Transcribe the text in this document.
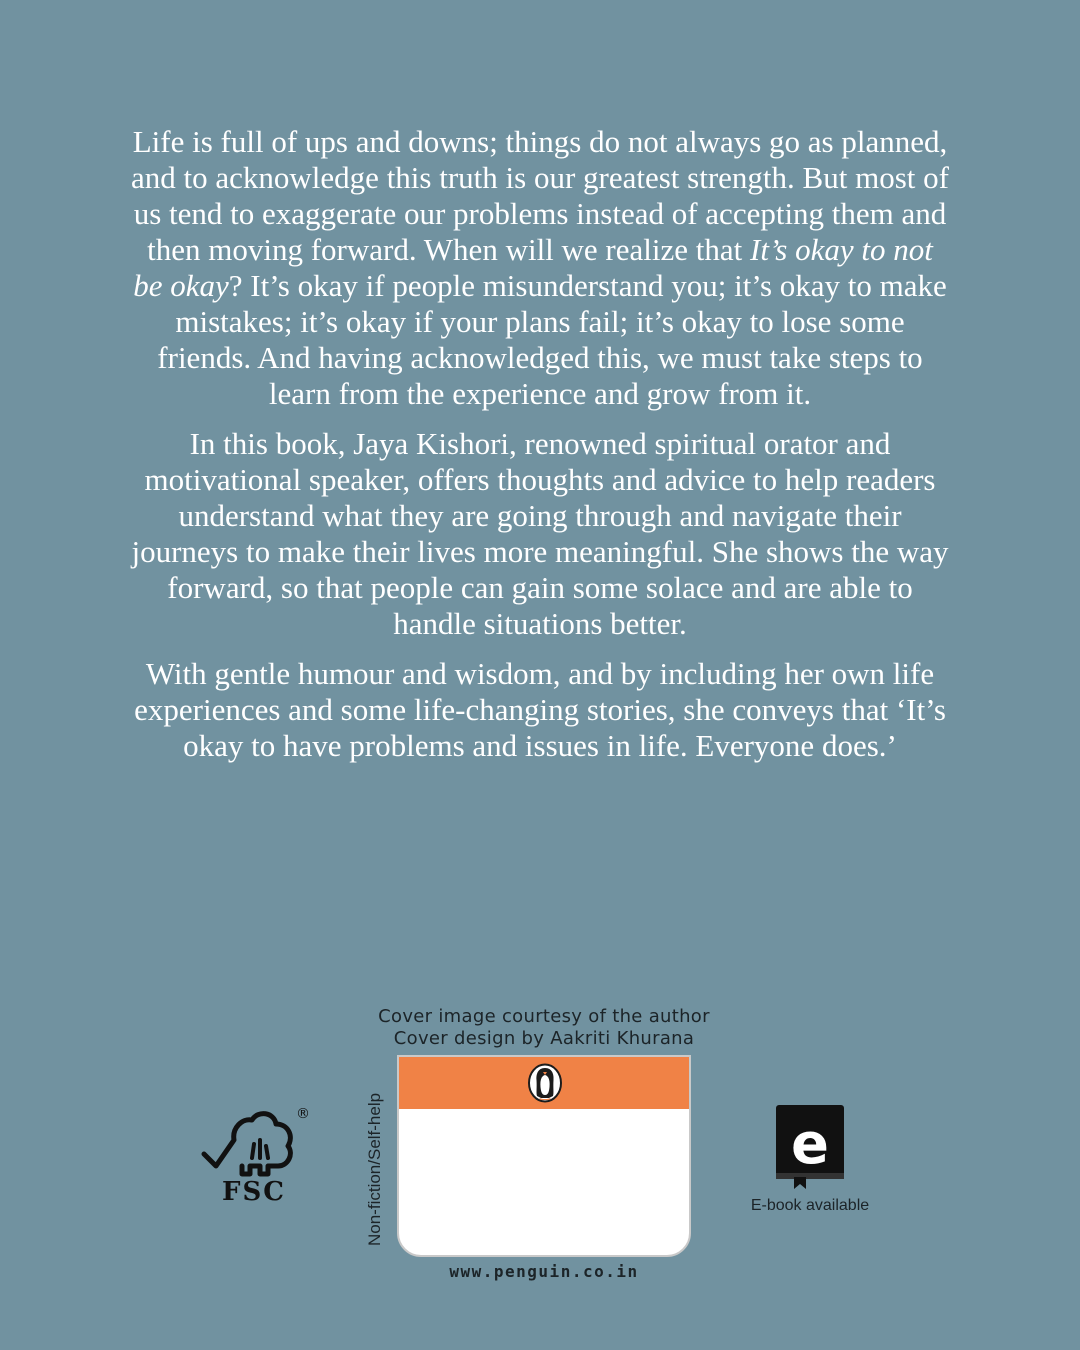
Life is full of ups and downs; things do not always go as planned, and to acknowledge this truth is our greatest strength. But most of us tend to exaggerate our problems instead of accepting them and then moving forward. When will we realize that It’s okay to not be okay? It’s okay if people misunderstand you; it’s okay to make mistakes; it’s okay if your plans fail; it’s okay to lose some friends. And having acknowledged this, we must take steps to learn from the experience and grow from it.

In this book, Jaya Kishori, renowned spiritual orator and motivational speaker, offers thoughts and advice to help readers understand what they are going through and navigate their journeys to make their lives more meaningful. She shows the way forward, so that people can gain some solace and are able to handle situations better.

With gentle humour and wisdom, and by including her own life experiences and some life-changing stories, she conveys that ‘It’s okay to have problems and issues in life. Everyone does.’

Cover image courtesy of the author
Cover design by Aakriti Khurana
Non-fiction/Self-help
www.penguin.co.in
®
FSC
e
E-book available
